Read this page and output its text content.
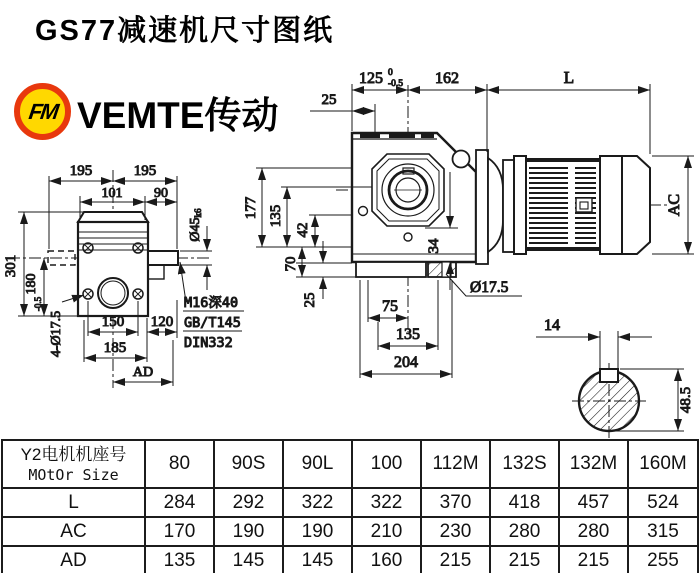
GS77减速机尺寸图纸
FM VEMTE传动
125 0
-0.5 162	L
25
177 135
42
70
25
34
Ø17.5
75
135
204
AC
195	195
101 90
Ø45k6
301
180
-0.5
4-Ø17.5	150 120
185
AD
M16深40
GB/T145
DIN332
14
48.5
Y2电机机座号
MOtOr Size	80	90S	90L	100	112M	132S	132M	160M
L	284	292	322	322	370	418	457	524
AC	170	190	190	210	230	280	280	315
AD	135	145	145	160	215	215	215	255
